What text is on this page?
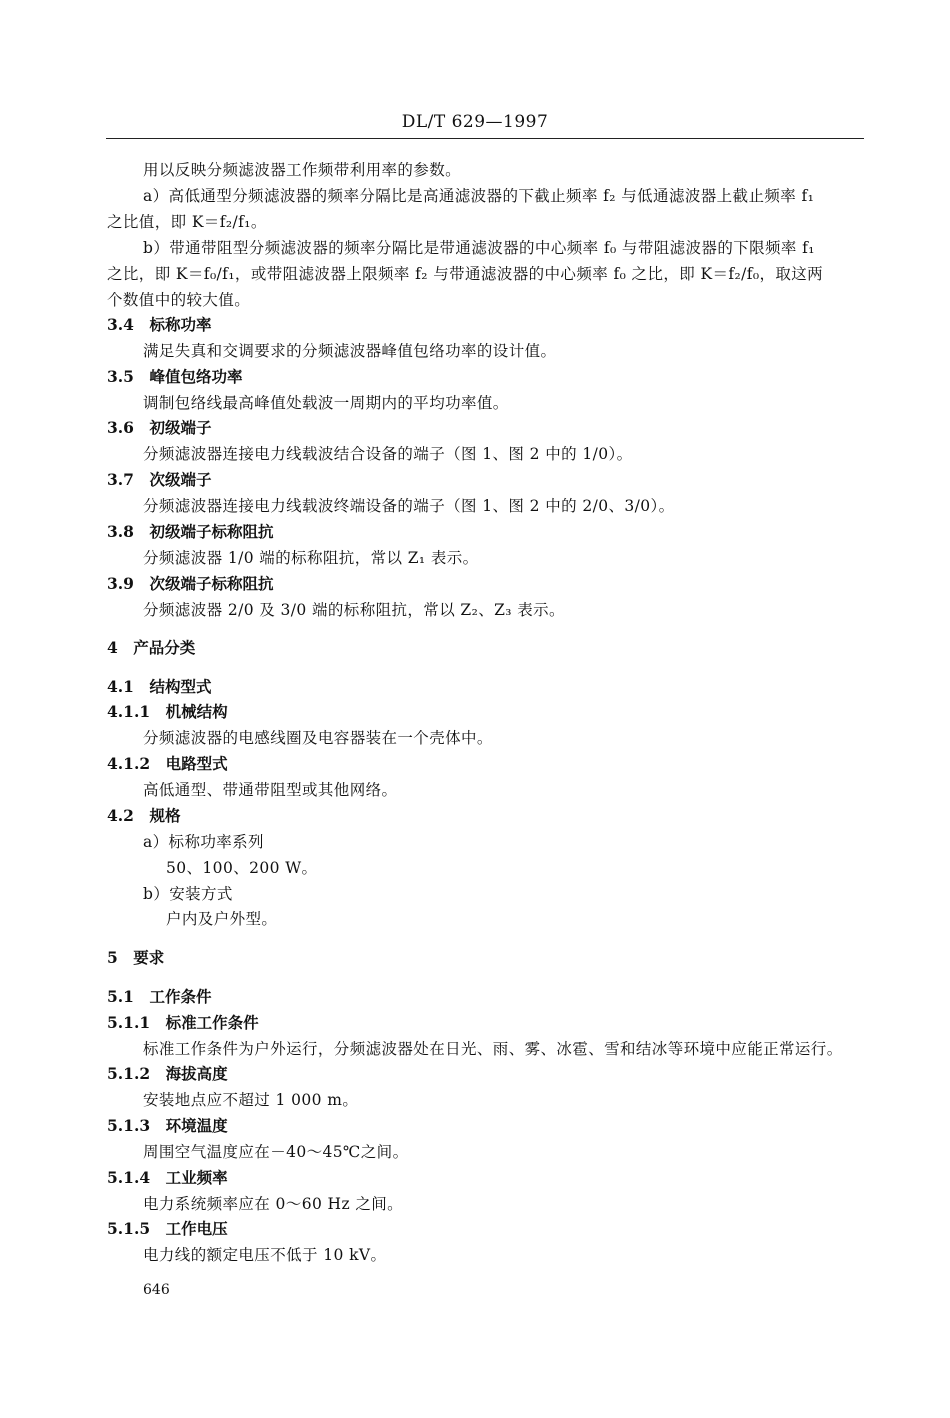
DL/T 629—1997
用以反映分频滤波器工作频带利用率的参数。
a）高低通型分频滤波器的频率分隔比是高通滤波器的下截止频率 f₂ 与低通滤波器上截止频率 f₁
之比值，即 K＝f₂/f₁。
b）带通带阻型分频滤波器的频率分隔比是带通滤波器的中心频率 f₀ 与带阻滤波器的下限频率 f₁
之比，即 K＝f₀/f₁，或带阻滤波器上限频率 f₂ 与带通滤波器的中心频率 f₀ 之比，即 K＝f₂/f₀，取这两
个数值中的较大值。
3.4　标称功率
满足失真和交调要求的分频滤波器峰值包络功率的设计值。
3.5　峰值包络功率
调制包络线最高峰值处载波一周期内的平均功率值。
3.6　初级端子
分频滤波器连接电力线载波结合设备的端子（图 1、图 2 中的 1/0）。
3.7　次级端子
分频滤波器连接电力线载波终端设备的端子（图 1、图 2 中的 2/0、3/0）。
3.8　初级端子标称阻抗
分频滤波器 1/0 端的标称阻抗，常以 Z₁ 表示。
3.9　次级端子标称阻抗
分频滤波器 2/0 及 3/0 端的标称阻抗，常以 Z₂、Z₃ 表示。
4　产品分类
4.1　结构型式
4.1.1　机械结构
分频滤波器的电感线圈及电容器装在一个壳体中。
4.1.2　电路型式
高低通型、带通带阻型或其他网络。
4.2　规格
a）标称功率系列
50、100、200 W。
b）安装方式
户内及户外型。
5　要求
5.1　工作条件
5.1.1　标准工作条件
标准工作条件为户外运行，分频滤波器处在日光、雨、雾、冰雹、雪和结冰等环境中应能正常运行。
5.1.2　海拔高度
安装地点应不超过 1 000 m。
5.1.3　环境温度
周围空气温度应在－40～45℃之间。
5.1.4　工业频率
电力系统频率应在 0～60 Hz 之间。
5.1.5　工作电压
电力线的额定电压不低于 10 kV。
646
